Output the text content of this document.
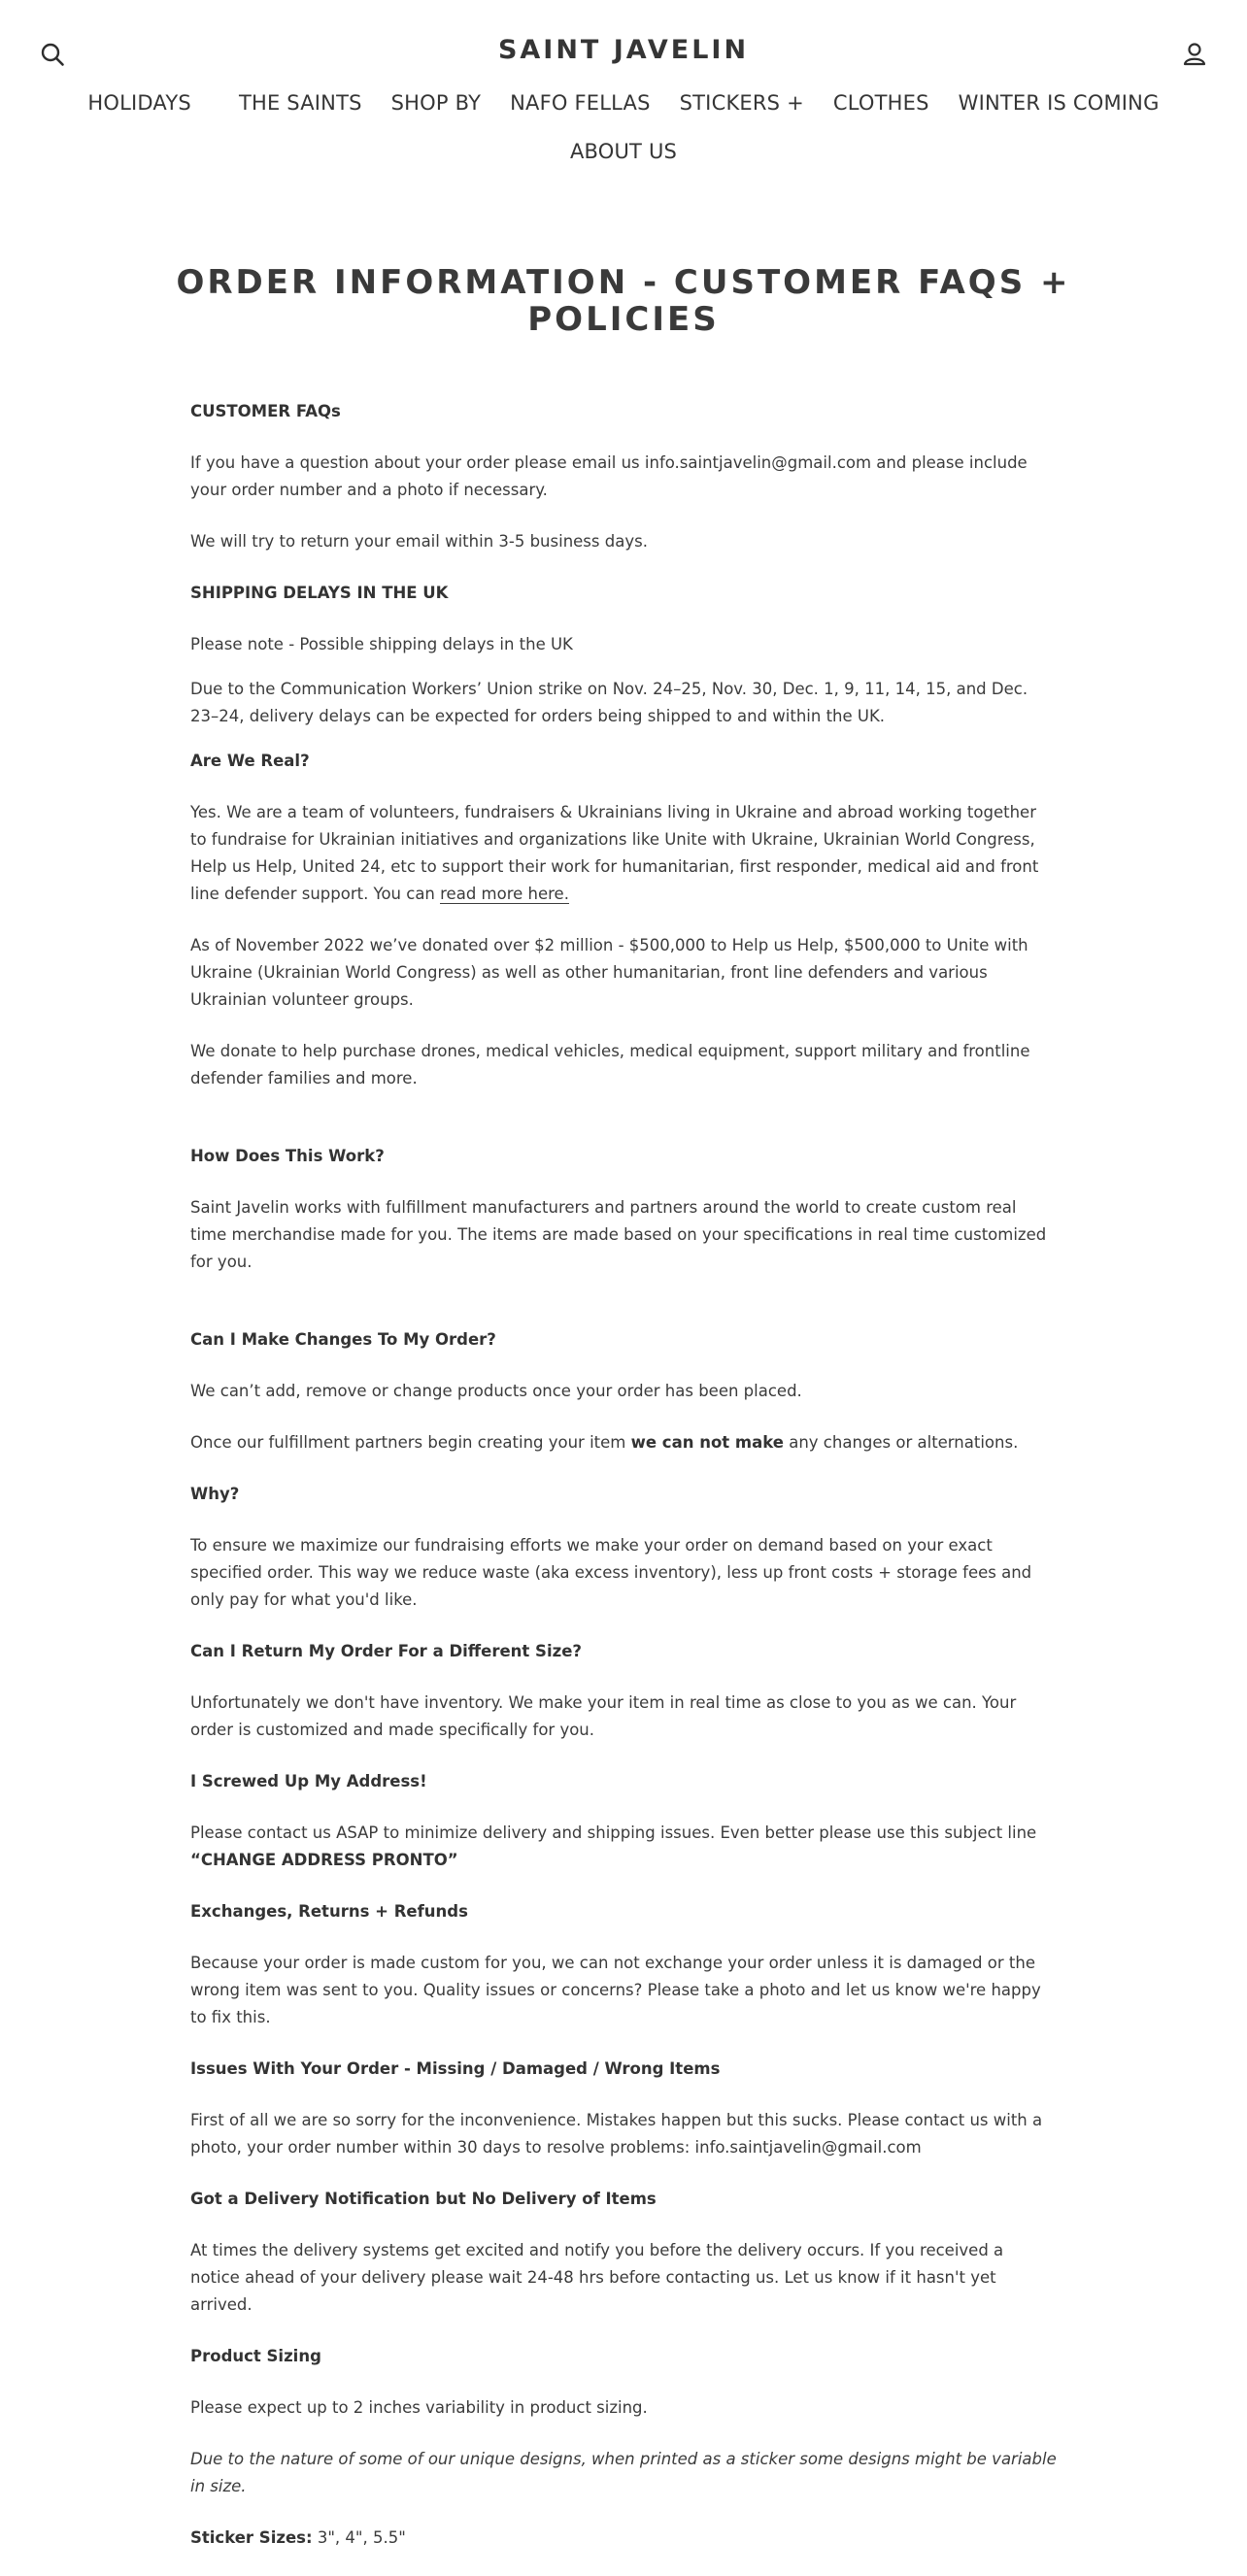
SAINT JAVELIN
HOLIDAYS	THE SAINTS	SHOP BY	NAFO FELLAS	STICKERS +	CLOTHES	WINTER IS COMING
ABOUT US
ORDER INFORMATION - CUSTOMER FAQS + POLICIES

CUSTOMER FAQs

If you have a question about your order please email us info.saintjavelin@gmail.com and please include your order number and a photo if necessary.

We will try to return your email within 3-5 business days.

SHIPPING DELAYS IN THE UK

Please note - Possible shipping delays in the UK

Due to the Communication Workers’ Union strike on Nov. 24–25, Nov. 30, Dec. 1, 9, 11, 14, 15, and Dec. 23–24, delivery delays can be expected for orders being shipped to and within the UK.

Are We Real?

Yes. We are a team of volunteers, fundraisers & Ukrainians living in Ukraine and abroad working together to fundraise for Ukrainian initiatives and organizations like Unite with Ukraine, Ukrainian World Congress, Help us Help, United 24, etc to support their work for humanitarian, first responder, medical aid and front line defender support. You can read more here.

As of November 2022 we’ve donated over $2 million - $500,000 to Help us Help, $500,000 to Unite with Ukraine (Ukrainian World Congress) as well as other humanitarian, front line defenders and various Ukrainian volunteer groups.

We donate to help purchase drones, medical vehicles, medical equipment, support military and frontline defender families and more.

How Does This Work?

Saint Javelin works with fulfillment manufacturers and partners around the world to create custom real time merchandise made for you. The items are made based on your specifications in real time customized for you.

Can I Make Changes To My Order?

We can’t add, remove or change products once your order has been placed.

Once our fulfillment partners begin creating your item we can not make any changes or alternations.

Why?

To ensure we maximize our fundraising efforts we make your order on demand based on your exact specified order. This way we reduce waste (aka excess inventory), less up front costs + storage fees and only pay for what you'd like.

Can I Return My Order For a Different Size?

Unfortunately we don't have inventory. We make your item in real time as close to you as we can. Your order is customized and made specifically for you.

I Screwed Up My Address!

Please contact us ASAP to minimize delivery and shipping issues. Even better please use this subject line “CHANGE ADDRESS PRONTO”

Exchanges, Returns + Refunds

Because your order is made custom for you, we can not exchange your order unless it is damaged or the wrong item was sent to you. Quality issues or concerns? Please take a photo and let us know we're happy to fix this.

Issues With Your Order - Missing / Damaged / Wrong Items

First of all we are so sorry for the inconvenience. Mistakes happen but this sucks. Please contact us with a photo, your order number within 30 days to resolve problems: info.saintjavelin@gmail.com

Got a Delivery Notification but No Delivery of Items

At times the delivery systems get excited and notify you before the delivery occurs. If you received a notice ahead of your delivery please wait 24-48 hrs before contacting us. Let us know if it hasn't yet arrived.

Product Sizing

Please expect up to 2 inches variability in product sizing.

Due to the nature of some of our unique designs, when printed as a sticker some designs might be variable in size.

Sticker Sizes: 3", 4", 5.5"
